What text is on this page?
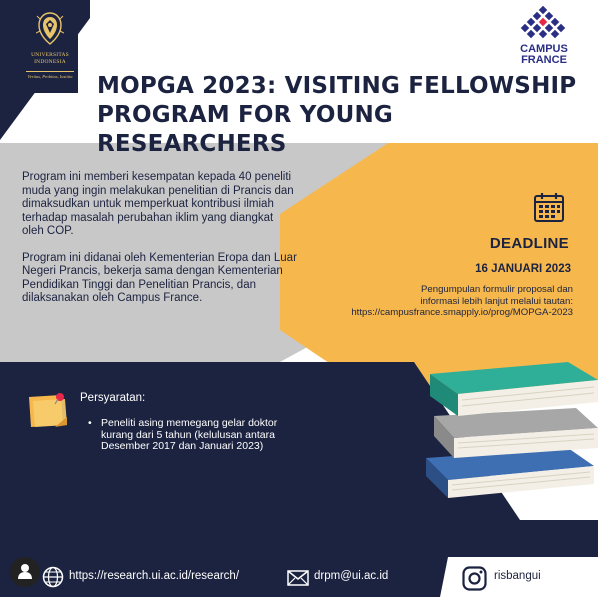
UNIVERSITAS
INDONESIA
Veritas, Probitas, Iustitia
CAMPUS
FRANCE
MOPGA 2023: VISITING FELLOWSHIP
PROGRAM FOR YOUNG RESEARCHERS

Program ini memberi kesempatan kepada 40 peneliti muda yang ingin melakukan penelitian di Prancis dan dimaksudkan untuk memperkuat kontribusi ilmiah terhadap masalah perubahan iklim yang diangkat oleh COP.

Program ini didanai oleh Kementerian Eropa dan Luar Negeri Prancis, bekerja sama dengan Kementerian Pendidikan Tinggi dan Penelitian Prancis, dan dilaksanakan oleh Campus France.

DEADLINE
16 JANUARI 2023
Pengumpulan formulir proposal dan
informasi lebih lanjut melalui tautan:
https://campusfrance.smapply.io/prog/MOPGA-2023
Persyaratan:
• Peneliti asing memegang gelar doktor kurang dari 5 tahun (kelulusan antara Desember 2017 dan Januari 2023)
https://research.ui.ac.id/research/	drpm@ui.ac.id	risbangui
